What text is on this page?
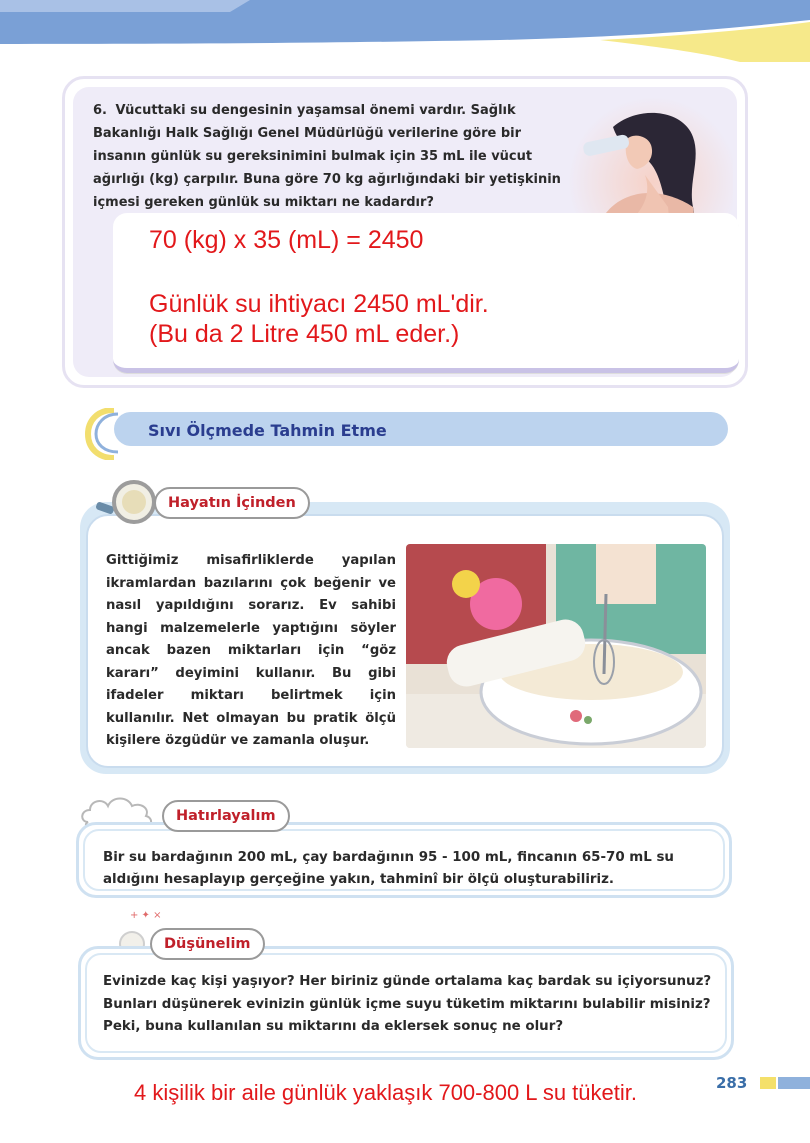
6. Vücuttaki su dengesinin yaşamsal önemi vardır. Sağlık Bakanlığı Halk Sağlığı Genel Müdürlüğü verilerine göre bir insanın günlük su gereksinimini bulmak için 35 mL ile vücut ağırlığı (kg) çarpılır. Buna göre 70 kg ağırlığındaki bir yetişkinin içmesi gereken günlük su miktarı ne kadardır?
70 (kg) x 35 (mL) = 2450
Günlük su ihtiyacı 2450 mL'dir.
(Bu da 2 Litre 450 mL eder.)
Sıvı Ölçmede Tahmin Etme
Gittiğimiz misafirliklerde yapılan ikramlardan bazılarını çok beğenir ve nasıl yapıldığını sorarız. Ev sahibi hangi malzemelerle yaptığını söyler ancak bazen miktarları için “göz kararı” deyimini kullanır. Bu gibi ifadeler miktarı belirtmek için kullanılır. Net olmayan bu pratik ölçü kişilere özgüdür ve zamanla oluşur.
Hayatın İçinden
Bir su bardağının 200 mL, çay bardağının 95 - 100 mL, fincanın 65-70 mL su aldığını hesaplayıp gerçeğine yakın, tahminî bir ölçü oluşturabiliriz.
Hatırlayalım
+ ✦ ×
Evinizde kaç kişi yaşıyor? Her biriniz günde ortalama kaç bardak su içiyorsunuz? Bunları düşünerek evinizin günlük içme suyu tüketim miktarını bulabilir misiniz? Peki, buna kullanılan su miktarını da eklersek sonuç ne olur?
Düşünelim
4 kişilik bir aile günlük yaklaşık 700-800 L su tüketir.	283
